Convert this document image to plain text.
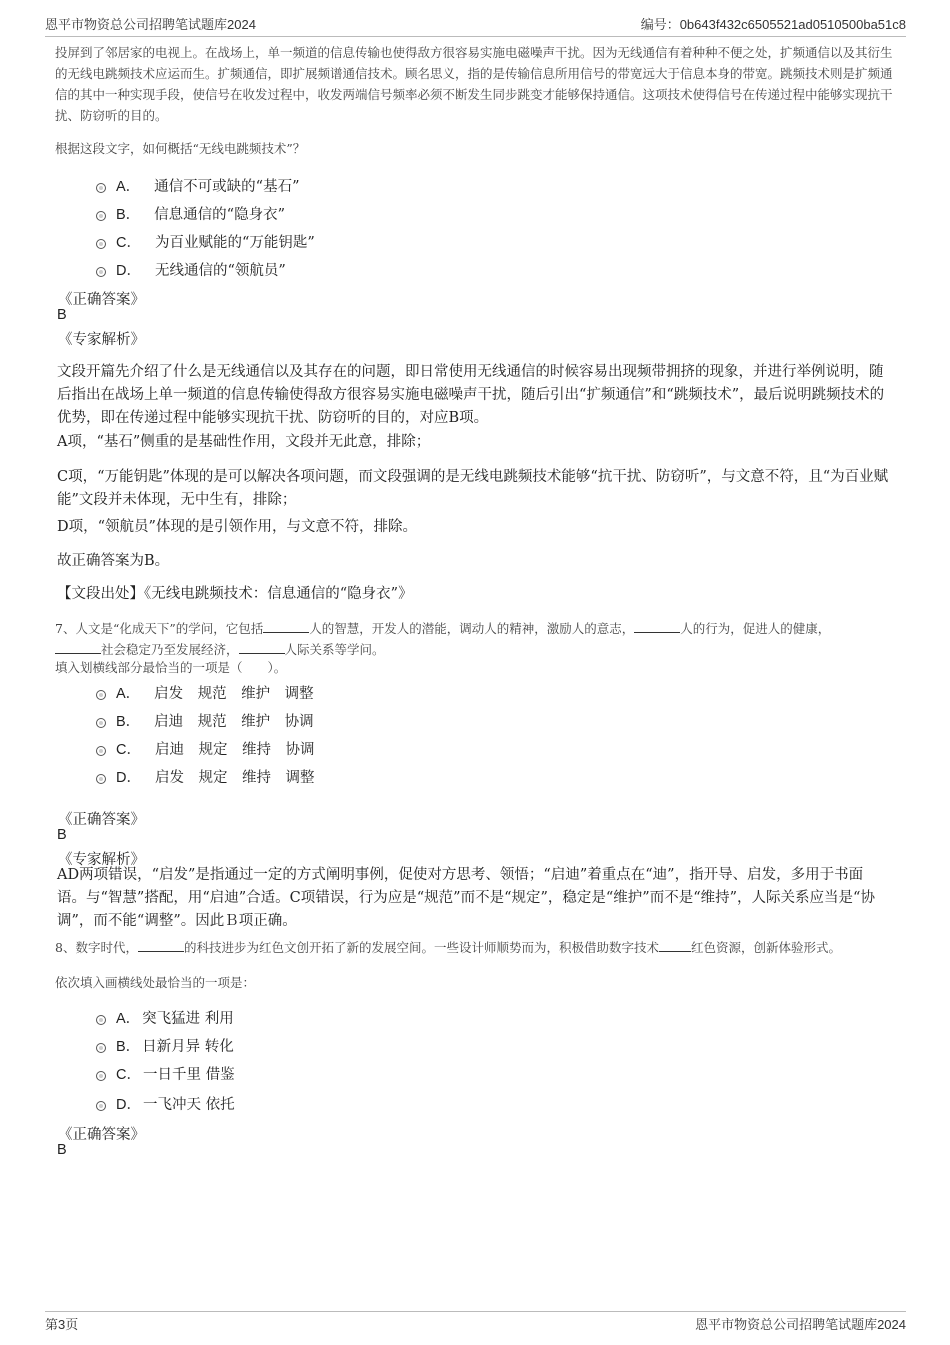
恩平市物资总公司招聘笔试题库2024	编号：0b643f432c6505521ad0510500ba51c8
投屏到了邻居家的电视上。在战场上，单一频道的信息传输也使得敌方很容易实施电磁噪声干扰。因为无线通信有着种种不便之处，扩频通信以及其衍生的无线电跳频技术应运而生。扩频通信，即扩展频谱通信技术。顾名思义，指的是传输信息所用信号的带宽远大于信息本身的带宽。跳频技术则是扩频通信的其中一种实现手段，使信号在收发过程中，收发两端信号频率必须不断发生同步跳变才能够保持通信。这项技术使得信号在传递过程中能够实现抗干扰、防窃听的目的。
根据这段文字，如何概括“无线电跳频技术”？
A． 通信不可或缺的“基石”
B． 信息通信的“隐身衣”
C． 为百业赋能的“万能钥匙”
D． 无线通信的“领航员”
《正确答案》
B
《专家解析》
文段开篇先介绍了什么是无线通信以及其存在的问题，即日常使用无线通信的时候容易出现频带拥挤的现象，并进行举例说明，随后指出在战场上单一频道的信息传输使得敌方很容易实施电磁噪声干扰，随后引出“扩频通信”和“跳频技术”，最后说明跳频技术的优势，即在传递过程中能够实现抗干扰、防窃听的目的，对应B项。
A项，“基石”侧重的是基础性作用，文段并无此意，排除；
C项，“万能钥匙”体现的是可以解决各项问题，而文段强调的是无线电跳频技术能够“抗干扰、防窃听”，与文意不符，且“为百业赋能”文段并未体现，无中生有，排除；
D项，“领航员”体现的是引领作用，与文意不符，排除。
故正确答案为B。
【文段出处】《无线电跳频技术：信息通信的“隐身衣”》
7、人文是“化成天下”的学问，它包括	人的智慧，开发人的潜能，调动人的精神，激励人的意志，	人的行为，促进人的健康，社会稳定乃至发展经济，	人际关系等学问。
填入划横线部分最恰当的一项是（　　）。
A． 启发　规范　维护　调整
B． 启迪　规范　维护　协调
C． 启迪　规定　维持　协调
D． 启发　规定　维持　调整
《正确答案》
B
《专家解析》
AD两项错误，“启发”是指通过一定的方式阐明事例，促使对方思考、领悟；“启迪”着重点在“迪”，指开导、启发，多用于书面语。与“智慧”搭配，用“启迪”合适。C项错误，行为应是“规范”而不是“规定”，稳定是“维护”而不是“维持”，人际关系应当是“协调”，而不能“调整”。因此Ｂ项正确。
8、数字时代，	的科技进步为红色文创开拓了新的发展空间。一些设计师顺势而为，积极借助数字技术	红色资源，创新体验形式。
依次填入画横线处最恰当的一项是：
A． 突飞猛进 利用
B． 日新月异 转化
C． 一日千里 借鉴
D． 一飞冲天 依托
《正确答案》
B
第3页	恩平市物资总公司招聘笔试题库2024
